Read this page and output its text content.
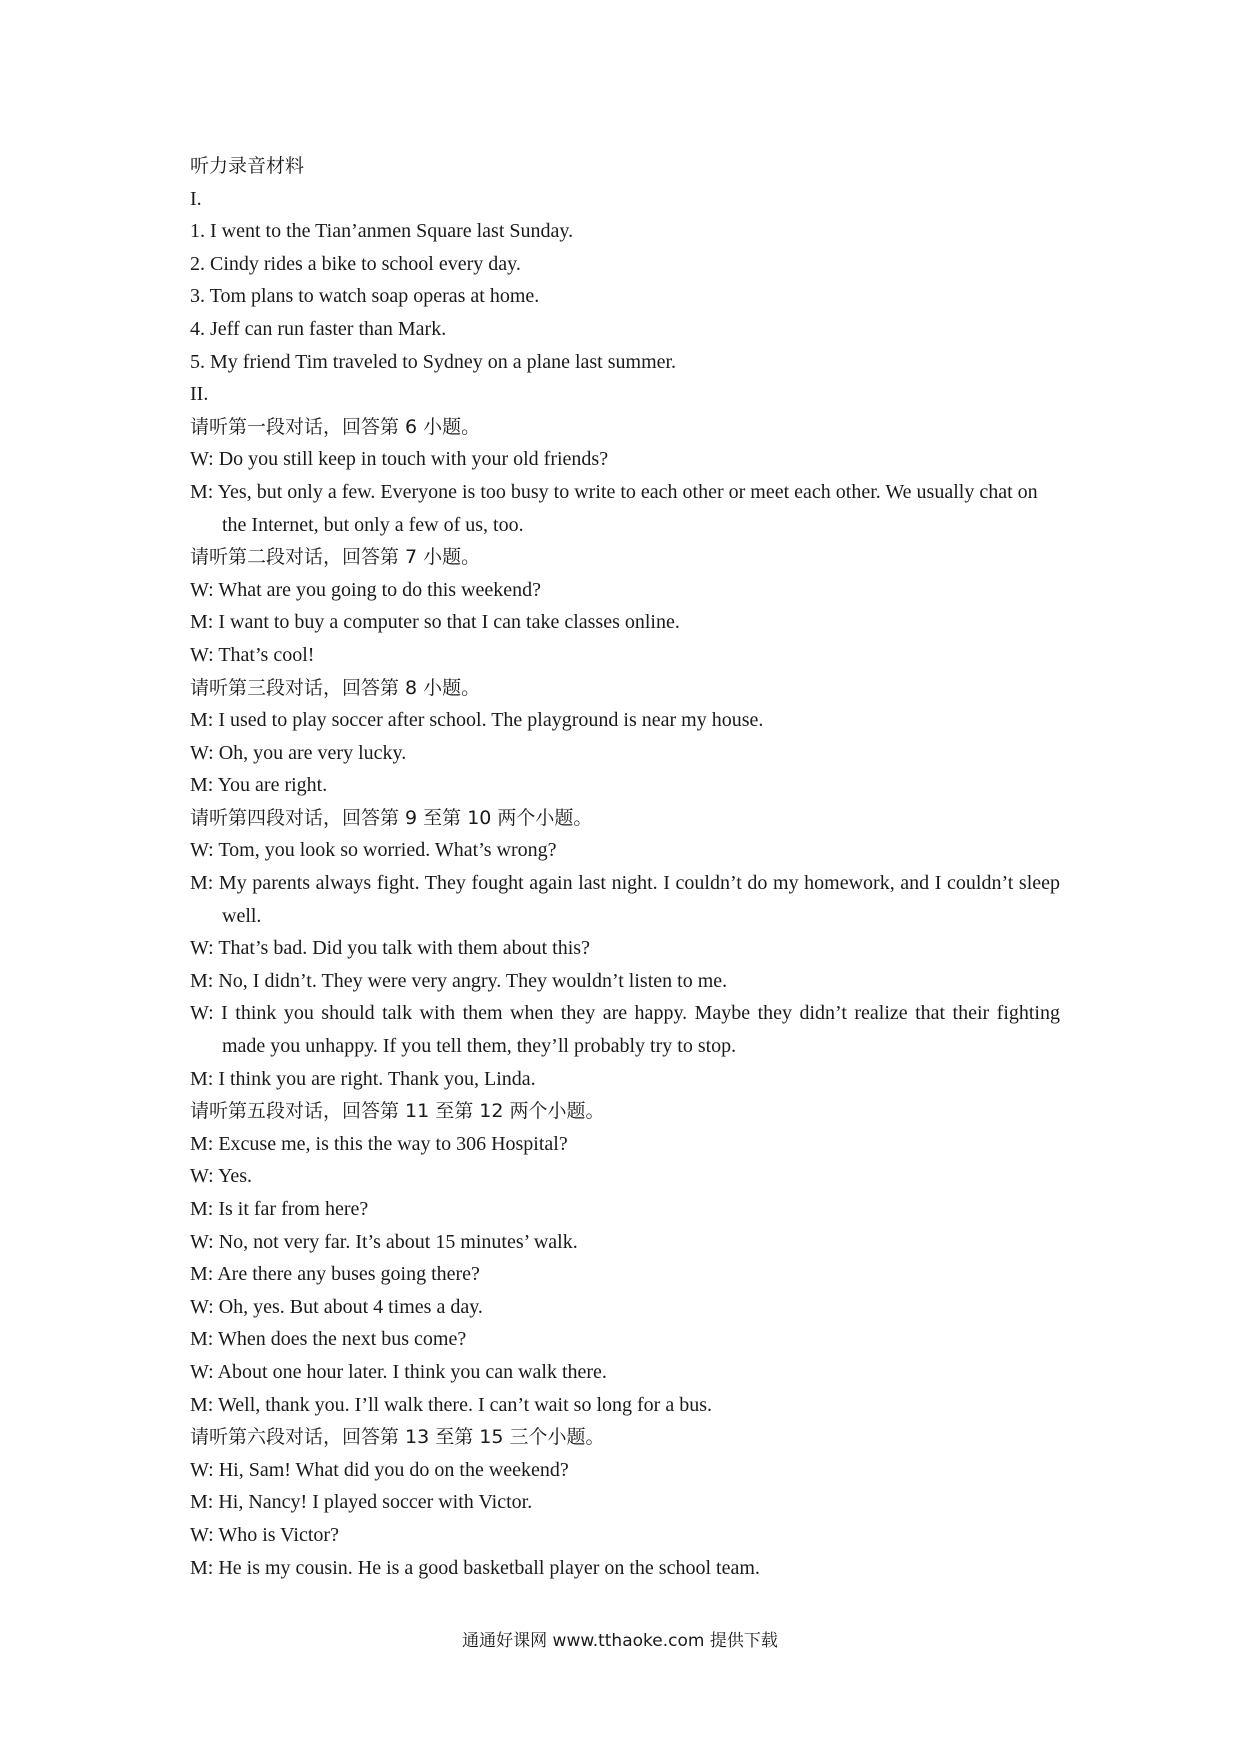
听力录音材料
I.
1. I went to the Tian’anmen Square last Sunday.
2. Cindy rides a bike to school every day.
3. Tom plans to watch soap operas at home.
4. Jeff can run faster than Mark.
5. My friend Tim traveled to Sydney on a plane last summer.
II.
请听第一段对话，回答第 6 小题。
W: Do you still keep in touch with your old friends?
M: Yes, but only a few. Everyone is too busy to write to each other or meet each other. We usually chat on the Internet, but only a few of us, too.
请听第二段对话，回答第 7 小题。
W: What are you going to do this weekend?
M: I want to buy a computer so that I can take classes online.
W: That’s cool!
请听第三段对话，回答第 8 小题。
M: I used to play soccer after school. The playground is near my house.
W: Oh, you are very lucky.
M: You are right.
请听第四段对话，回答第 9 至第 10 两个小题。
W: Tom, you look so worried. What’s wrong?
M: My parents always fight. They fought again last night. I couldn’t do my homework, and I couldn’t sleep well.
W: That’s bad. Did you talk with them about this?
M: No, I didn’t. They were very angry. They wouldn’t listen to me.
W: I think you should talk with them when they are happy. Maybe they didn’t realize that their fighting made you unhappy. If you tell them, they’ll probably try to stop.
M: I think you are right. Thank you, Linda.
请听第五段对话，回答第 11 至第 12 两个小题。
M: Excuse me, is this the way to 306 Hospital?
W: Yes.
M: Is it far from here?
W: No, not very far. It’s about 15 minutes’ walk.
M: Are there any buses going there?
W: Oh, yes. But about 4 times a day.
M: When does the next bus come?
W: About one hour later. I think you can walk there.
M: Well, thank you. I’ll walk there. I can’t wait so long for a bus.
请听第六段对话，回答第 13 至第 15 三个小题。
W: Hi, Sam! What did you do on the weekend?
M: Hi, Nancy! I played soccer with Victor.
W: Who is Victor?
M: He is my cousin. He is a good basketball player on the school team.
通通好课网 www.tthaoke.com 提供下载
